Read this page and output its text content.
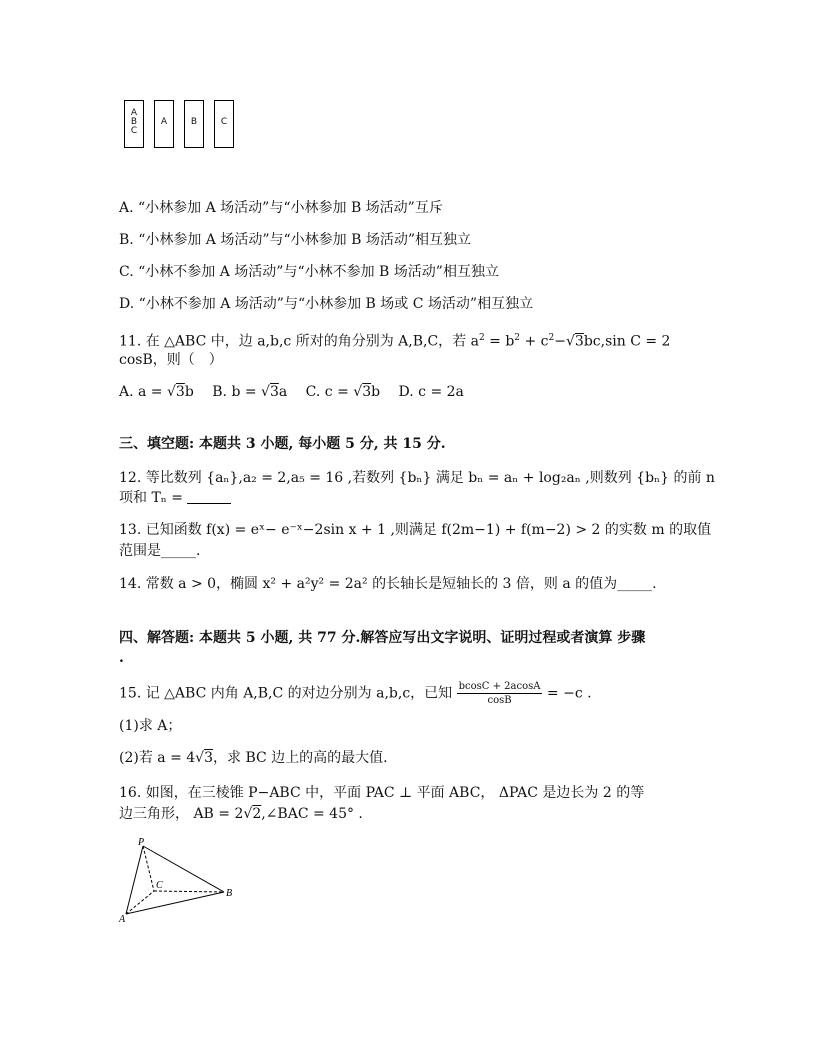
A
B
C
A	B	C
A. “小林参加 A 场活动”与“小林参加 B 场活动”互斥
B. “小林参加 A 场活动”与“小林参加 B 场活动”相互独立
C. “小林不参加 A 场活动”与“小林不参加 B 场活动”相互独立
D. “小林不参加 A 场活动”与“小林参加 B 场或 C 场活动”相互独立
11. 在 △ABC 中，边 a,b,c 所对的角分别为 A,B,C，若 $a^2 = b^2 + c^2-√3bc,\sin$ C = 2
cosB，则（　）
A. a = √3b　 B. b = √3a　 C. c = √3b　 D. c = 2a
三、填空题: 本题共 3 小题, 每小题 5 分, 共 15 分.
12. 等比数列 {aₙ},a₂ = 2,a₅ = 16 ,若数列 {bₙ} 满足 bₙ = aₙ + log₂aₙ ,则数列 {bₙ} 的前 n
项和 Tₙ =
13. 已知函数 f(x) = eˣ− e⁻ˣ−2sin x + 1 ,则满足 f(2m−1) + f(m−2) > 2 的实数 m 的取值
范围是_____.
14. 常数 a > 0，椭圆 x² + a²y² = 2a² 的长轴长是短轴长的 3 倍，则 a 的值为_____.
四、解答题: 本题共 5 小题, 共 77 分.解答应写出文字说明、证明过程或者演算 步骤
.
15. 记 △ABC 内角 A,B,C 的对边分别为 a,b,c，已知 $\frac{bcosC + 2acosA}{\cos B} = -c$ .
(1)求 A；
(2)若 a = 4√3，求 BC 边上的高的最大值.
16. 如图，在三棱锥 P−ABC 中，平面 PAC ⊥ 平面 ABC， ΔPAC 是边长为 2 的等
边三角形， AB = 2√2,∠BAC = 45° .
P
A
B
C
